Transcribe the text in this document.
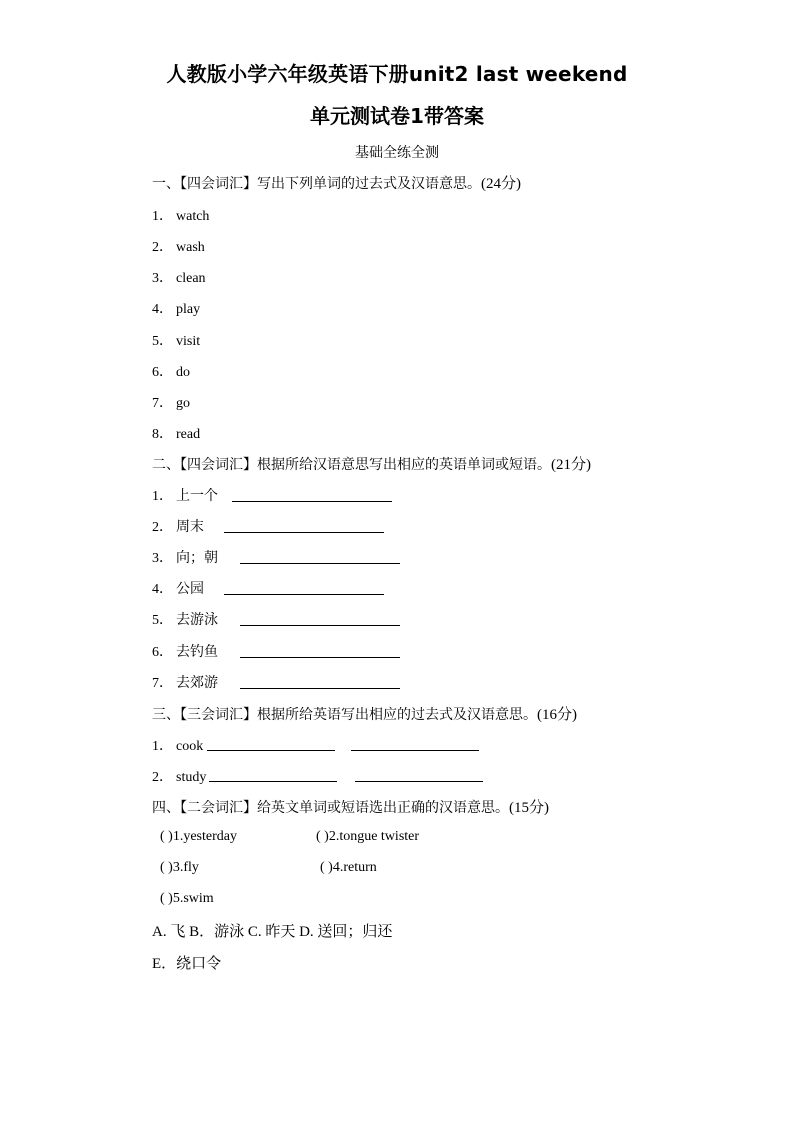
人教版小学六年级英语下册unit2 last weekend
单元测试卷1带答案
基础全练全测
一、【四会词汇】写出下列单词的过去式及汉语意思。(24分)
1． watch
2． wash
3． clean
4． play
5． visit
6． do
7． go
8． read
二、【四会词汇】根据所给汉语意思写出相应的英语单词或短语。(21分)
1． 上一个
2． 周末
3． 向；朝
4． 公园
5． 去游泳
6． 去钓鱼
7． 去郊游
三、【三会词汇】根据所给英语写出相应的过去式及汉语意思。(16分)
1． cook
2． study
四、【二会词汇】给英文单词或短语选出正确的汉语意思。(15分)
( )1.yesterday	( )2.tongue twister
( )3.fly	( )4.return
( )5.swim
A. 飞 B．游泳 C. 昨天 D. 送回；归还
E．绕口令
